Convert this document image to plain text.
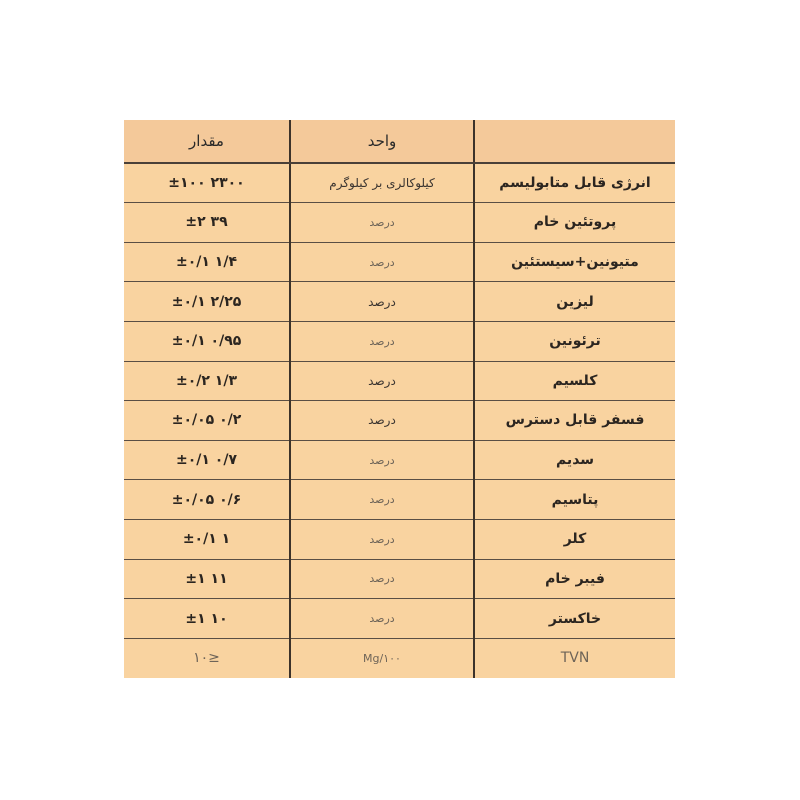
	واحد	مقدار
انرژی قابل متابولیسم	کیلوکالری بر کیلوگرم	۲۳۰۰ ±۱۰۰
پروتئین خام	درصد	۳۹ ±۲
متیونین+سیستئین	درصد	۱/۴ ±۰/۱
لیزین	درصد	۲/۲۵ ±۰/۱
ترئونین	درصد	۰/۹۵ ±۰/۱
کلسیم	درصد	۱/۳ ±۰/۲
فسفر قابل دسترس	درصد	۰/۲ ±۰/۰۵
سدیم	درصد	۰/۷ ±۰/۱
پتاسیم	درصد	۰/۶ ±۰/۰۵
کلر	درصد	۱ ±۰/۱
فیبر خام	درصد	۱۱ ±۱
خاکستر	درصد	۱۰ ±۱
TVN	Mg/۱۰۰	≤۱۰
